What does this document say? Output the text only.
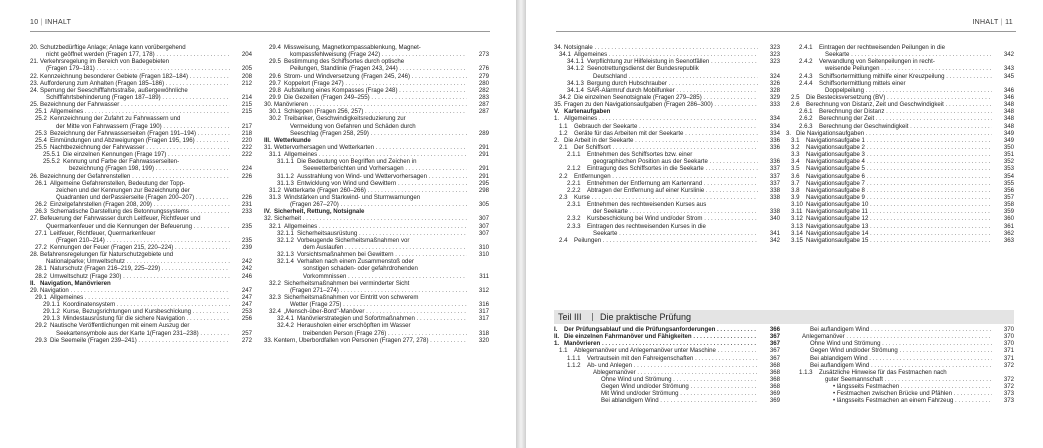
10 | INHALT
20. Schutzbedürftige Anlage; Anlage kann vorübergehend
nicht geöffnet werden (Fragen 177, 178) . . .	204
21. Verkehrsregelung im Bereich von Badegebieten
(Fragen 179–181) . . .	205
22. Kennzeichnung besonderer Gebiete (Fragen 182–184) . . .	208
23. Aufforderung zum Anhalten (Fragen 185–186) . . .	212
24. Sperrung der Seeschifffahrtsstraße, außergewöhnliche
Schifffahrtsbehinderung (Fragen 187–189) . . .	214
25. Bezeichnung der Fahrwasser . . .	215
25.1 Allgemeines . . .	215
25.2 Kennzeichnung der Zufahrt zu Fahrwassern und
der Mitte von Fahrwassern (Frage 190) . . .	217
25.3 Bezeichnung der Fahrwasserseiten (Fragen 191–194) . . .	218
25.4 Einmündungen und Abzweigungen (Fragen 195, 196) . . .	220
25.5 Nachtbezeichnung der Fahrwasser . . .	222
25.5.1 Die einzelnen Kennungen (Frage 197) . . .	222
25.5.2 Kennung und Farbe der Fahrwasserseiten-
bezeichnung (Fragen 198, 199) . . .	224
26. Bezeichnung der Gefahrenstellen . . .	226
26.1 Allgemeine Gefahrenstellen, Bedeutung der Topp-
zeichen und der Kennungen zur Bezeichnung der
Quadranten und derPassierseite (Fragen 200–207) . . .	226
26.2 Einzelgefahrstellen (Fragen 208, 209) . . .	231
26.3 Schematische Darstellung des Betonnungssystems . . .	233
27. Befeuerung der Fahrwasser durch Leitfeuer, Richtfeuer und
Quermarkenfeuer und die Kennungen der Befeuerung . . .	235
27.1 Leitfeuer, Richtfeuer, Quermarkenfeuer
(Fragen 210–214) . . .	235
27.2 Kennungen der Feuer (Fragen 215, 220–224) . . .	239
28. Befahrensregelungen für Naturschutzgebiete und
Nationalparke; Umweltschutz . . .	242
28.1 Naturschutz (Fragen 216–219, 225–229) . . .	242
28.2 Umweltschutz (Frage 230) . . .	246
II. Navigation, Manövrieren
29. Navigation . . .	247
29.1 Allgemeines . . .	247
29.1.1 Koordinatensystem . . .	247
29.1.2 Kurse, Bezugsrichtungen und Kursbeschickung . . .	253
29.1.3 Mindestausrüstung für die sichere Navigation . . .	256
29.2 Nautische Veröffentlichungen mit einem Auszug der
Seekartensymbole aus der Karte 1(Fragen 231–238) . . .	257
29.3 Die Seemeile (Fragen 239–241) . . .	272
29.4 Missweisung, Magnetkompassablenkung, Magnet-
kompassfehlweisung (Frage 242) . . .	273
29.5 Bestimmung des Schiffsortes durch optische
Peilungen, Standlinie (Fragen 243, 244) . . .	276
29.6 Strom- und Windversetzung (Fragen 245, 246) . . .	279
29.7 Koppelort (Frage 247) . . .	280
29.8 Aufstellung eines Kompasses (Frage 248) . . .	282
29.9 Die Gezeiten (Fragen 249–255) . . .	283
30. Manövrieren . . .	287
30.1 Schleppen (Fragen 256, 257) . . .	287
30.2 Treibanker, Geschwindigkeitsreduzierung zur
Vermeidung von Gefahren und Schäden durch
Seeschlag (Fragen 258, 259) . . .	289
III. Wetterkunde
31. Wettervorhersagen und Wetterkarten . . .	291
31.1 Allgemeines . . .	291
31.1.1 Die Bedeutung von Begriffen und Zeichen in
Seewetterberichten und Vorhersagen . . .	291
31.1.2 Ausstrahlung von Wind- und Wettervorhersagen . . .	291
31.1.3 Entwicklung von Wind und Gewittern . . .	295
31.2 Wetterkarte (Fragen 260–266) . . .	298
31.3 Windstärken und Starkwind- und Sturmwarnungen
(Fragen 267–270) . . .	305
IV. Sicherheit, Rettung, Notsignale
32. Sicherheit . . .	307
32.1 Allgemeines . . .	307
32.1.1 Sicherheitsausrüstung . . .	307
32.1.2 Vorbeugende Sicherheitsmaßnahmen vor
dem Auslaufen . . .	310
32.1.3 Vorsichtsmaßnahmen bei Gewittern . . .	310
32.1.4 Verhalten nach einem Zusammenstoß oder
sonstigen schaden- oder gefahrdrohenden
Vorkommnissen . . .	311
32.2 Sicherheitsmaßnahmen bei verminderter Sicht
(Fragen 271–274) . . .	312
32.3 Sicherheitsmaßnahmen vor Eintritt von schwerem
Wetter (Frage 275) . . .	316
32.4 „Mensch-über-Bord"-Manöver . . .	317
32.4.1 Manövrierstrategien und Sofortmaßnahmen . . .	317
32.4.2 Herausholen einer erschöpften im Wasser
treibenden Person (Frage 276) . . .	318
33. Kentern, Überbordfallen von Personen (Fragen 277, 278) . . .	320
INHALT | 11
34. Notsignale . . .	323
34.1 Allgemeines . . .	323
34.1.1 Verpflichtung zur Hilfeleistung in Seenotfällen . . .	323
34.1.2 Seenotrettungsdienst der Bundesrepublik
Deutschland . . .	324
34.1.3 Bergung durch Hubschrauber . . .	326
34.1.4 SAR-Alarmruf durch Mobilfunker . . .	328
34.2 Die einzelnen Seenotsignale (Fragen 279–285) . . .	329
35. Fragen zu den Navigationsaufgaben (Fragen 286–300) . . .	333
V. Kartenaufgaben
1. Allgemeines . . .	334
1.1 Gebrauch der Seekarte . . .	334
1.2 Geräte für das Arbeiten mit der Seekarte . . .	334
2. Die Arbeit in der Seekarte . . .	336
2.1 Der Schiffsort . . .	336
2.1.1 Entnehmen des Schiffsortes bzw. einer
geographischen Position aus der Seekarte . . .	336
2.1.2 Eintragung des Schiffsortes in die Seekarte . . .	337
2.2 Entfernungen . . .	337
2.2.1 Entnehmen der Entfernung am Kartenrand . . .	337
2.2.2 Abtragen der Entfernung auf einer Kurslinie . . .	338
2.3 Kurse . . .	338
2.3.1 Entnehmen des rechtweisenden Kurses aus
der Seekarte . . .	338
2.3.2 Kursbeschickung bei Wind und/oder Strom . . .	340
2.3.3 Eintragen des rechtweisenden Kurses in die
Seekarte . . .	341
2.4 Peilungen . . .	342
2.4.1 Eintragen der rechtweisenden Peilungen in die
Seekarte . . .	342
2.4.2 Verwandlung von Seitenpeilungen in recht-
weisende Peilungen . . .	343
2.4.3 Schiffsortermittlung mithilfe einer Kreuzpeilung . . .	345
2.4.4 Schiffsortermittlung mittels einer
Doppelpeilung . . .	346
2.5 Die Bestecksversetzung (BV) . . .	346
2.6 Berechnung von Distanz, Zeit und Geschwindigkeit . . .	348
2.6.1 Berechnung der Distanz . . .	348
2.6.2 Berechnung der Zeit . . .	348
2.6.3 Berechnung der Geschwindigkeit . . .	348
3. Die Navigationsaufgaben . . .	349
3.1 Navigationsaufgabe 1 . . .	349
3.2 Navigationsaufgabe 2 . . .	350
3.3 Navigationsaufgabe 3 . . .	351
3.4 Navigationsaufgabe 4 . . .	352
3.5 Navigationsaufgabe 5 . . .	353
3.6 Navigationsaufgabe 6 . . .	354
3.7 Navigationsaufgabe 7 . . .	355
3.8 Navigationsaufgabe 8 . . .	356
3.9 Navigationsaufgabe 9 . . .	357
3.10 Navigationsaufgabe 10 . . .	358
3.11 Navigationsaufgabe 11 . . .	359
3.12 Navigationsaufgabe 12 . . .	360
3.13 Navigationsaufgabe 13 . . .	361
3.14 Navigationsaufgabe 14 . . .	362
3.15 Navigationsaufgabe 15 . . .	363
Teil III Die praktische Prüfung
I. Der Prüfungsablauf und die Prüfungsanforderungen . . .	366
II. Die einzelnen Fahrmanöver und Fähigkeiten . . .	367
1. Manövrieren . . .	367
1.1 Ablegemanöver und Anlegemanöver unter Maschine . . .	367
1.1.1 Vertrautsein mit den Fahreigenschaften . . .	367
1.1.2 Ab- und Anlegen . . .	368
Ablegemanöver . . .	368
Ohne Wind und Strömung . . .	368
Gegen Wind und/oder Strömung . . .	368
Mit Wind und/oder Strömung . . .	369
Bei ablandigem Wind . . .	369
Bei auflandigem Wind . . .	370
Anlegemanöver . . .	370
Ohne Wind und Strömung . . .	370
Gegen Wind und/oder Strömung . . .	371
Bei ablandigem Wind . . .	371
Bei auflandigem Wind . . .	372
1.1.3 Zusätzliche Hinweise für das Festmachen nach
guter Seemannschaft . . .	372
• längsseits Festmachen . . .	372
• Festmachen zwischen Brücke und Pfählen . . .	373
• längsseits Festmachen an einem Fahrzeug . . .	373
